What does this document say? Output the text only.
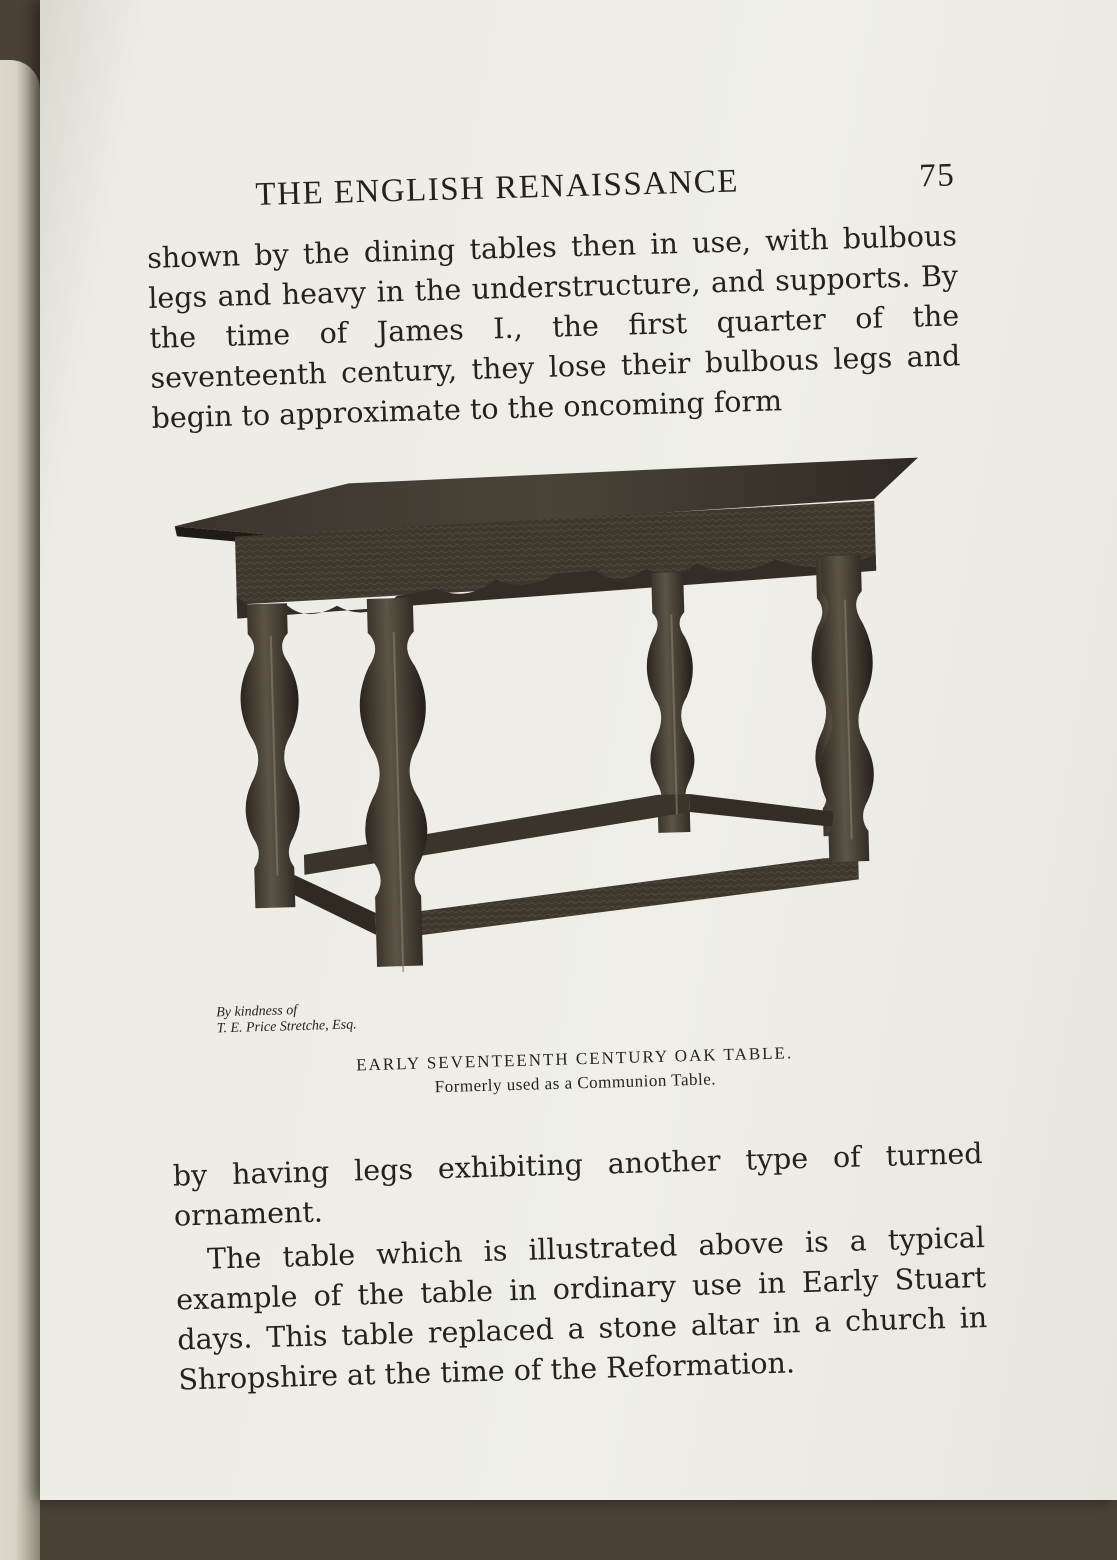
THE ENGLISH RENAISSANCE	75

shown by the dining tables then in use, with bulbous legs and heavy in the understructure, and supports. By the time of James I., the first quarter of the seventeenth century, they lose their bulbous legs and begin to approximate to the oncoming form

By kindness of
T. E. Price Stretche, Esq.
EARLY SEVENTEENTH CENTURY OAK TABLE.
Formerly used as a Communion Table.

by having legs exhibiting another type of turned ornament.

The table which is illustrated above is a typical example of the table in ordinary use in Early Stuart days. This table replaced a stone altar in a church in Shropshire at the time of the Reformation.
